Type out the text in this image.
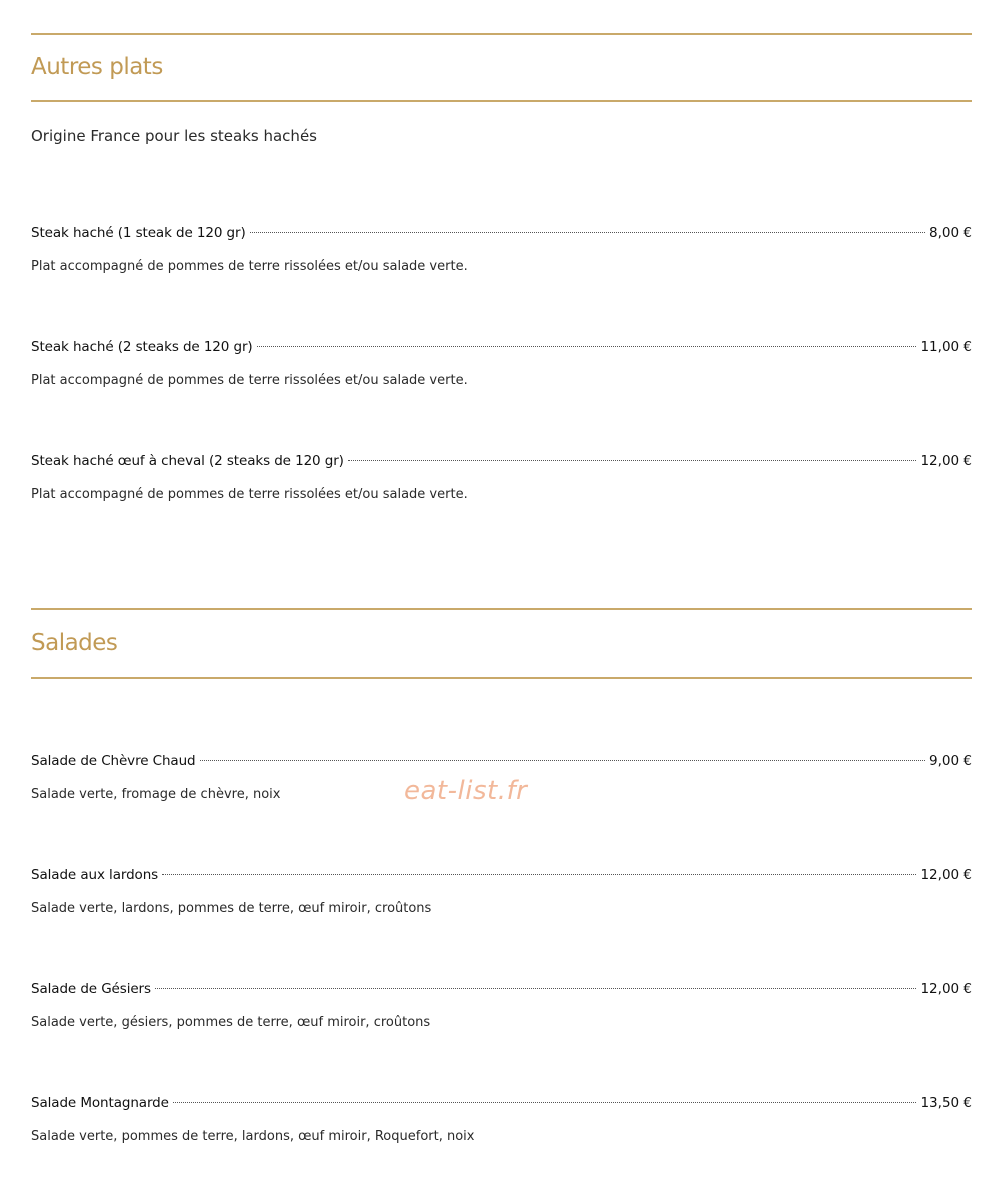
Autres plats
Origine France pour les steaks hachés
Steak haché (1 steak de 120 gr)	8,00 €
Plat accompagné de pommes de terre rissolées et/ou salade verte.
Steak haché (2 steaks de 120 gr)	11,00 €
Plat accompagné de pommes de terre rissolées et/ou salade verte.
Steak haché œuf à cheval (2 steaks de 120 gr)	12,00 €
Plat accompagné de pommes de terre rissolées et/ou salade verte.
Salades
Salade de Chèvre Chaud	9,00 €
Salade verte, fromage de chèvre, noix
Salade aux lardons	12,00 €
Salade verte, lardons, pommes de terre, œuf miroir, croûtons
Salade de Gésiers	12,00 €
Salade verte, gésiers, pommes de terre, œuf miroir, croûtons
Salade Montagnarde	13,50 €
Salade verte, pommes de terre, lardons, œuf miroir, Roquefort, noix
eat-list.fr
